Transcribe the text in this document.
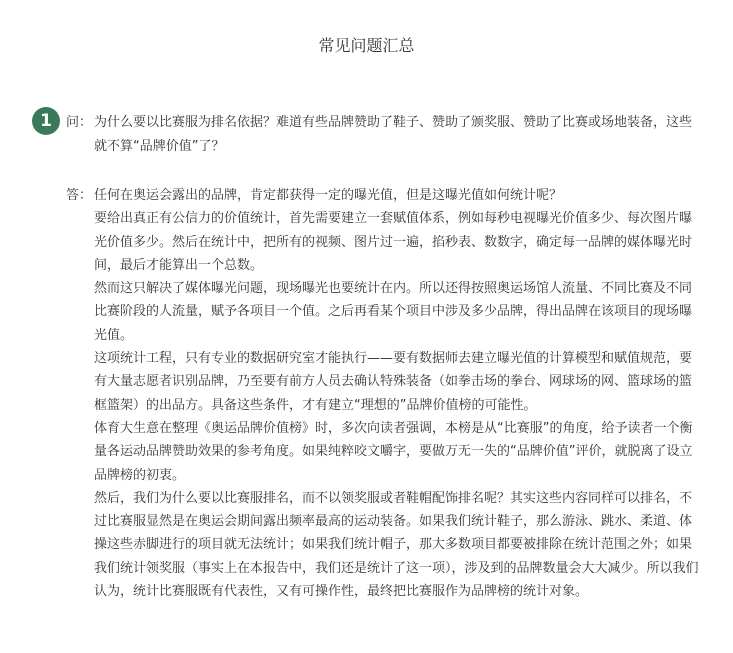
常见问题汇总
1	问： 为什么要以比赛服为排名依据？难道有些品牌赞助了鞋子、赞助了颁奖服、赞助了比赛或场地装备，这些就不算“品牌价值”了？
答： 任何在奥运会露出的品牌，肯定都获得一定的曝光值，但是这曝光值如何统计呢？

要给出真正有公信力的价值统计，首先需要建立一套赋值体系，例如每秒电视曝光价值多少、每次图片曝光价值多少。然后在统计中，把所有的视频、图片过一遍，掐秒表、数数字，确定每一品牌的媒体曝光时间，最后才能算出一个总数。

然而这只解决了媒体曝光问题，现场曝光也要统计在内。所以还得按照奥运场馆人流量、不同比赛及不同比赛阶段的人流量，赋予各项目一个值。之后再看某个项目中涉及多少品牌，得出品牌在该项目的现场曝光值。

这项统计工程，只有专业的数据研究室才能执行——要有数据师去建立曝光值的计算模型和赋值规范，要有大量志愿者识别品牌，乃至要有前方人员去确认特殊装备（如拳击场的拳台、网球场的网、篮球场的篮框篮架）的出品方。具备这些条件，才有建立“理想的”品牌价值榜的可能性。

体育大生意在整理《奥运品牌价值榜》时，多次向读者强调，本榜是从“比赛服”的角度，给予读者一个衡量各运动品牌赞助效果的参考角度。如果纯粹咬文嚼字，要做万无一失的“品牌价值”评价，就脱离了设立品牌榜的初衷。

然后，我们为什么要以比赛服排名，而不以领奖服或者鞋帽配饰排名呢？其实这些内容同样可以排名，不过比赛服显然是在奥运会期间露出频率最高的运动装备。如果我们统计鞋子，那么游泳、跳水、柔道、体操这些赤脚进行的项目就无法统计；如果我们统计帽子，那大多数项目都要被排除在统计范围之外；如果我们统计领奖服（事实上在本报告中，我们还是统计了这一项），涉及到的品牌数量会大大减少。所以我们认为，统计比赛服既有代表性，又有可操作性，最终把比赛服作为品牌榜的统计对象。
